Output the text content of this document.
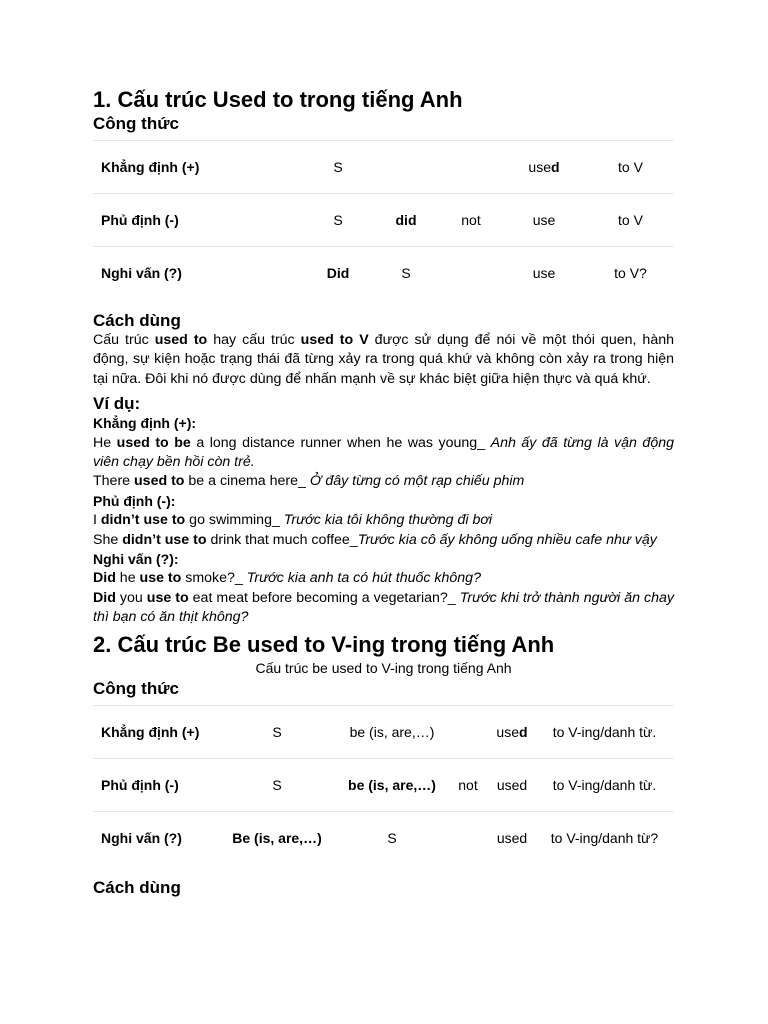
1. Cấu trúc Used to trong tiếng Anh
Công thức
Khẳng định (+)	S			used	to V
Phủ định (-)	S	did	not	use	to V
Nghi vấn (?)	Did	S		use	to V?
Cách dùng

Cấu trúc used to hay cấu trúc used to V được sử dụng để nói về một thói quen, hành động, sự kiện hoặc trạng thái đã từng xảy ra trong quá khứ và không còn xảy ra trong hiện tại nữa. Đôi khi nó được dùng để nhấn mạnh về sự khác biệt giữa hiện thực và quá khứ.

Ví dụ:
Khẳng định (+):

He used to be a long distance runner when he was young_ Anh ấy đã từng là vận động viên chạy bền hồi còn trẻ.

There used to be a cinema here_ Ở đây từng có một rạp chiếu phim

Phủ định (-):

I didn’t use to go swimming_ Trước kia tôi không thường đi bơi

She didn’t use to drink that much coffee_Trước kia cô ấy không uống nhiều cafe như vậy

Nghi vấn (?):

Did he use to smoke?_ Trước kia anh ta có hút thuốc không?

Did you use to eat meat before becoming a vegetarian?_ Trước khi trở thành người ăn chay thì bạn có ăn thịt không?

2. Cấu trúc Be used to V-ing trong tiếng Anh
Cấu trúc be used to V-ing trong tiếng Anh
Công thức
Khẳng định (+)	S	be (is, are,…)		used	to V-ing/danh từ.
Phủ định (-)	S	be (is, are,…)	not	used	to V-ing/danh từ.
Nghi vấn (?)	Be (is, are,…)	S		used	to V-ing/danh từ?
Cách dùng
